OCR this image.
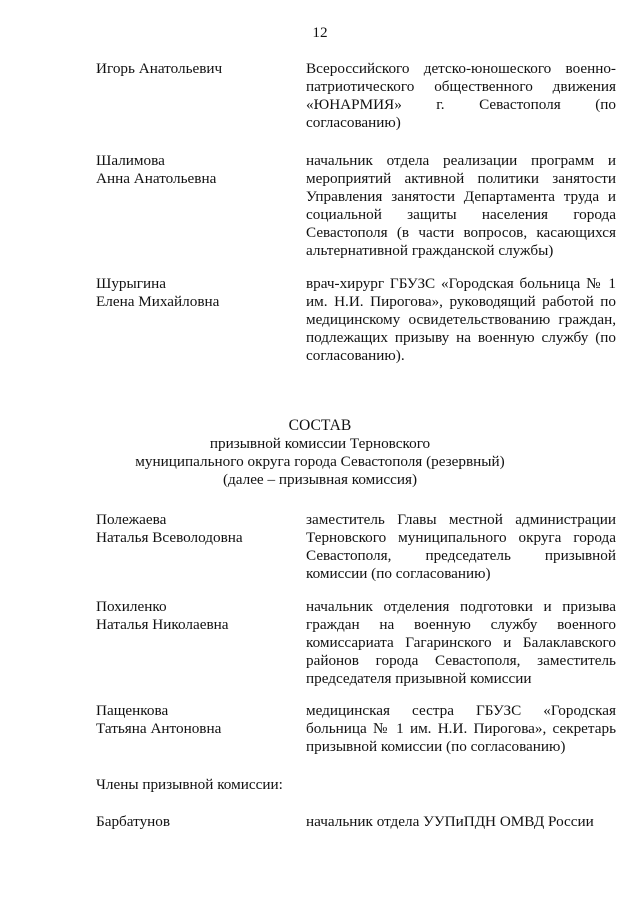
12
Игорь Анатольевич	Всероссийского детско-юношеского военно-патриотического общественного движения «ЮНАРМИЯ» г. Севастополя (по согласованию)
Шалимова
Анна Анатольевна
начальник отдела реализации программ и мероприятий активной политики занятости Управления занятости Департамента труда и социальной защиты населения города Севастополя (в части вопросов, касающихся альтернативной гражданской службы)
Шурыгина
Елена Михайловна
врач-хирург ГБУЗС «Городская больница № 1 им. Н.И. Пирогова», руководящий работой по медицинскому освидетельствованию граждан, подлежащих призыву на военную службу (по согласованию).
СОСТАВ
призывной комиссии Терновского
муниципального округа города Севастополя (резервный)
(далее – призывная комиссия)
Полежаева
Наталья Всеволодовна
заместитель Главы местной администрации Терновского муниципального округа города Севастополя, председатель призывной комиссии (по согласованию)
Похиленко
Наталья Николаевна
начальник отделения подготовки и призыва граждан на военную службу военного комиссариата Гагаринского и Балаклавского районов города Севастополя, заместитель председателя призывной комиссии
Пащенкова
Татьяна Антоновна
медицинская сестра ГБУЗС «Городская больница № 1 им. Н.И. Пирогова», секретарь призывной комиссии (по согласованию)
Члены призывной комиссии:
Барбатунов	начальник отдела УУПиПДН ОМВД России
